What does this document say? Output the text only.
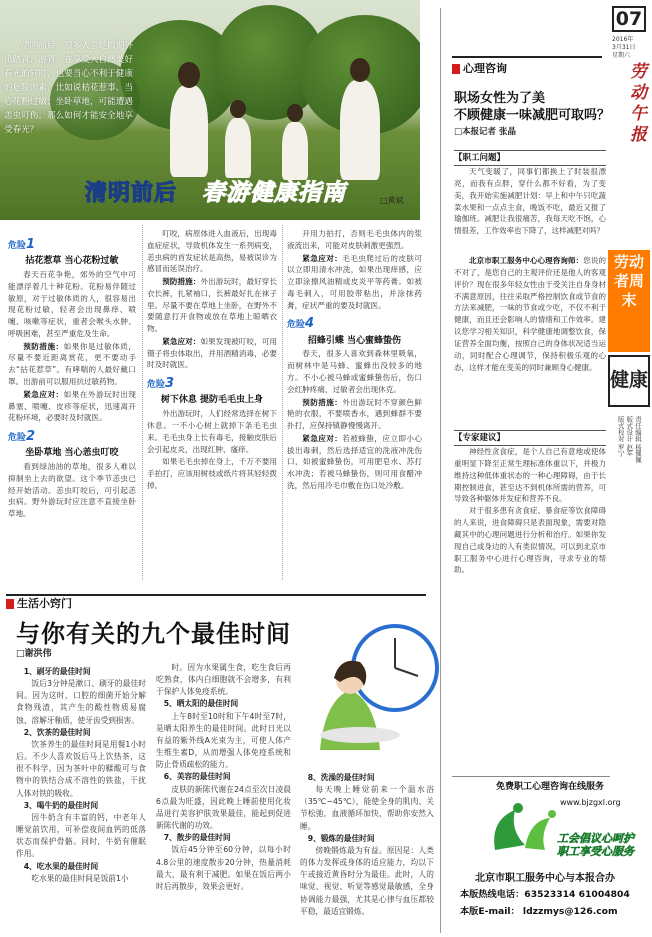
清明前后，很多人会趁假期外出踏青、游青。在享受大自然美好春光的同时，也要当心不利于健康的危险因素，比如说桔花惹事、当心花粉过敏；坐卧草地，可能遭遇恙虫叮伤。那么如何才能安全地享受春光？
清明前后 春游健康指南	□黄斌
危险1
拈花惹草 当心花粉过敏

春天百花争艳，郊外的空气中可能漂浮着几十种花粉。花粉易伴随过敏原，对于过敏体质的人，很容易出现花粉过敏，轻者会出现鼻痒、喷嚏、咳嗽等症状，重者会喉头水肿、呼吸困难，甚至严重危及生命。

预防措施：如果你是过敏体质，尽量不要近距离赏花，更不要动手去“拈花惹草”。有哮喘的人最好戴口罩。出游前可以服用抗过敏药物。

紧急应对：如果在外游玩时出现鼻塞、喷嚏、皮疹等症状，迅速离开花粉环境，必要时及时就医。

危险2
坐卧草地 当心恙虫叮咬

看到绿油油的草地，很多人难以抑制坐上去的欲望。这个季节恙虫已经开始活动。恙虫叮咬后，可引起恙虫病。野外游玩时应注意不直接坐卧草地。

叮咬，病原体进入血液后，出现毒血症症状，导致机体发生一系列病变，恙虫病的首发症状是高热，易被误诊为感冒而延误治疗。

预防措施：外出游玩时，最好穿长衣长裤，扎紧袖口，长裤最好扎在袜子里。尽量不要在草地上坐卧，在野外不要随意打开食物或放在草地上晾晒衣物。

紧急应对：如果发现被叮咬，可用镊子将虫体取出，并用酒精消毒，必要时及时就医。

危险3
树下休息 提防毛毛虫上身

外出游玩时，人们经常选择在树下休息。一不小心树上就掉下条毛毛虫来。毛毛虫身上长有毒毛，接触皮肤后会引起皮炎，出现红肿、瘙痒。

如果毛毛虫掉在身上，千万不要用手拍打，应该用树枝或纸片将其轻轻拨掉。

开用力拍打，否则毛毛虫体内的浆液流出来，可能对皮肤刺激更强烈。

紧急应对：毛毛虫爬过后的皮肤可以立即用清水冲洗，如果出现痒感，应立即涂擦风油精或皮炎平等药膏。如被毒毛刺入，可用胶带粘出，并涂抹药膏，症状严重的要及时就医。

危险4
招蜂引蝶 当心蜜蜂蛰伤

春天，很多人喜欢到森林里吸氧，而树林中是马蜂、蜜蜂出没较多的地方。不小心被马蜂或蜜蜂蛰伤后，伤口会红肿疼痛，过敏者会出现休克。

预防措施：外出游玩时不穿颜色鲜艳的衣服，不要喷香水，遇到蜂群不要扑打，应保持镇静慢慢离开。

紧急应对：若被蜂蛰，应立即小心拔出毒刺，然后选择适宜的洗液冲洗伤口，如被蜜蜂蛰伤，可用肥皂水、苏打水冲洗；若被马蜂蛰伤，则可用食醋冲洗，然后用冷毛巾敷在伤口处冷敷。

生活小窍门
与你有关的九个最佳时间
□谢洪伟
1、刷牙的最佳时间

饭后3分钟是漱口、刷牙的最佳时间。因为这时，口腔的细菌开始分解食物残渣，其产生的酸性物质易腐蚀、溶解牙釉质，使牙齿受到损害。

2、饮茶的最佳时间

饮茶养生的最佳时间是用餐1小时后。不少人喜欢饭后马上饮热茶，这很不科学。因为茶叶中的鞣酸可与食物中的铁结合成不溶性的铁盐，干扰人体对铁的吸收。

3、喝牛奶的最佳时间

因牛奶含有丰富的钙，中老年人睡觉前饮用，可补偿夜间血钙的低落状态而保护骨骼。同时，牛奶有催眠作用。

4、吃水果的最佳时间

吃水果的最佳时间是饭前1小

时。因为水果属生食，吃生食后再吃熟食，体内白细胞就不会增多，有利于保护人体免疫系统。

5、晒太阳的最佳时间

上午8时至10时和下午4时至7时，是晒太阳养生的最佳时间。此时日光以有益的紫外线A光束为主，可使人体产生维生素D，从而增强人体免疫系统和防止骨质疏松的能力。

6、美容的最佳时间

皮肤的新陈代谢在24点至次日凌晨6点最为旺盛，因此晚上睡前使用化妆品进行美容护肤效果最佳，能起到促进新陈代谢的功效。

7、散步的最佳时间

饭后45分钟至60分钟，以每小时4.8公里的速度散步20分钟，热量消耗最大，最有利于减肥。如果在饭后两小时后再散步，效果会更好。

8、洗澡的最佳时间

每天晚上睡觉前来一个温水浴（35℃~45℃），能使全身的肌肉、关节松弛，血液循环加快，帮助你安然入睡。

9、锻炼的最佳时间

傍晚锻炼最为有益。原因是：人类的体力发挥或身体的适应能力，均以下午或接近黄昏时分为最佳。此时，人的味觉、视觉、听觉等感觉最敏感，全身协调能力最强，尤其是心律与血压都较平稳，最适宜锻炼。

07
2016年
3月31日
星期六
劳动午报
劳动者周末
健康
责任编辑 杨佩佩
版式设计 赵军
版式校对 罗宁
心理咨询
职场女性为了美
不顾健康一味减肥可取吗？
□本报记者 张晶
【职工问题】

天气变暖了，同事们都换上了时装很漂亮，而我有点胖，穿什么都不好看，为了变美，我开始实施减肥计划：早上和中午只吃蔬菜水果和一点点主食，晚饭不吃，最近又报了瑜伽班。减肥让我很痛苦，我每天吃不饱，心情很差，工作效率也下降了，这样减肥对吗？

北京市职工服务中心心理咨询师：您说的不对了，是您自己的主观评价还是他人的客观评价？现在很多年轻女性由于受关注自身身材不满意原因，往往采取严格控制饮食或节食的方法来减肥，一味的节食或少吃，不仅不利于健康，而且还会影响人的情绪和工作效率。建议您学习相关知识，科学健康地调整饮食，保证营养全面均衡，按照自己的身体状况适当运动，同时配合心理调节，保持积极乐观的心态，这样才能在变美的同时兼顾身心健康。

【专家建议】

神经性贪食症，是个人自己有意地或使体重明显下降至正常生理标准体重以下，并极力维持这种低体重状态的一种心理障碍，由于长期控制进食，甚至达不到机体所需的营养，可导致各种躯体并发症和营养不良。

对于很多患有贪食症、暴食症等饮食障碍的人来说，进食障碍只是表面现象，需要对隐藏其中的心理问题进行分析和治疗。如果你发现自己或身边的人有类似情况，可以到北京市职工服务中心进行心理咨询，寻求专业的帮助。

免费职工心理咨询在线服务
www.bjzgxl.org
工会倡议心呵护
职工享受心服务
北京市职工服务中心与本报合办
本版热线电话：63523314 61004804
本版E-mail： ldzzmys@126.com
